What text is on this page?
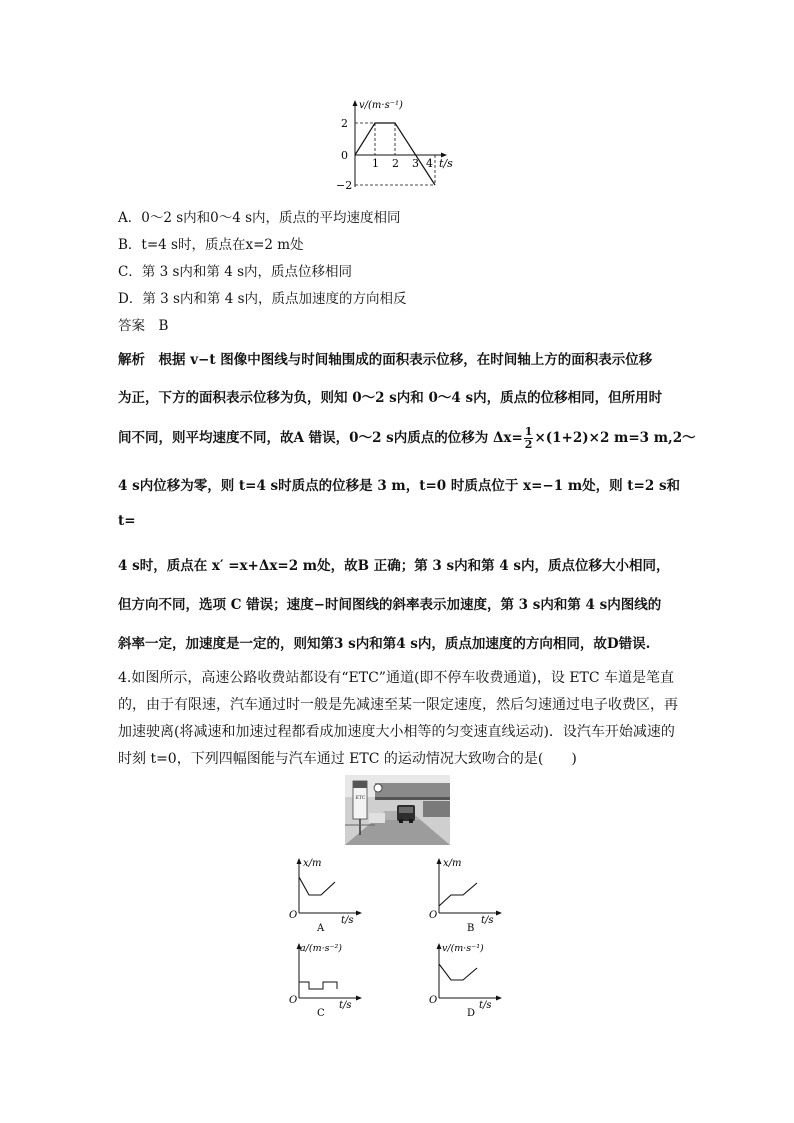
v/(m·s⁻¹)
2
0
−2
1 2 3 4 t/s
A．0～2 s内和0～4 s内，质点的平均速度相同
B．t=4 s时，质点在x=2 m处
C．第 3 s内和第 4 s内，质点位移相同
D．第 3 s内和第 4 s内，质点加速度的方向相反
答案　B
解析　根据 v−t 图像中图线与时间轴围成的面积表示位移，在时间轴上方的面积表示位移
为正，下方的面积表示位移为负，则知 0～2 s内和 0～4 s内，质点的位移相同，但所用时
间不同，则平均速度不同，故A 错误，0～2 s内质点的位移为 $\Delta x= \frac{1}{2} \times(1+2)\times 2$ m=3 m,2～
4 s内位移为零，则 t=4 s时质点的位移是 3 m，t=0 时质点位于 x=−1 m处，则 t=2 s和
t=
4 s时，质点在 x′ =x+Δx=2 m处，故B 正确；第 3 s内和第 4 s内，质点位移大小相同，
但方向不同，选项 C 错误；速度−时间图线的斜率表示加速度，第 3 s内和第 4 s内图线的
斜率一定，加速度是一定的，则知第3 s内和第4 s内，质点加速度的方向相同，故D错误.
4.如图所示，高速公路收费站都设有“ETC”通道(即不停车收费通道)，设 ETC 车道是笔直
的，由于有限速，汽车通过时一般是先减速至某一限定速度，然后匀速通过电子收费区，再
加速驶离(将减速和加速过程都看成加速度大小相等的匀变速直线运动)．设汽车开始减速的
时刻 t=0，下列四幅图能与汽车通过 ETC 的运动情况大致吻合的是(　　)
ETC
x/m
O	t/s
A
x/m
O	t/s
B
a/(m·s⁻²)
O	t/s
C
v/(m·s⁻¹)
O	t/s
D
